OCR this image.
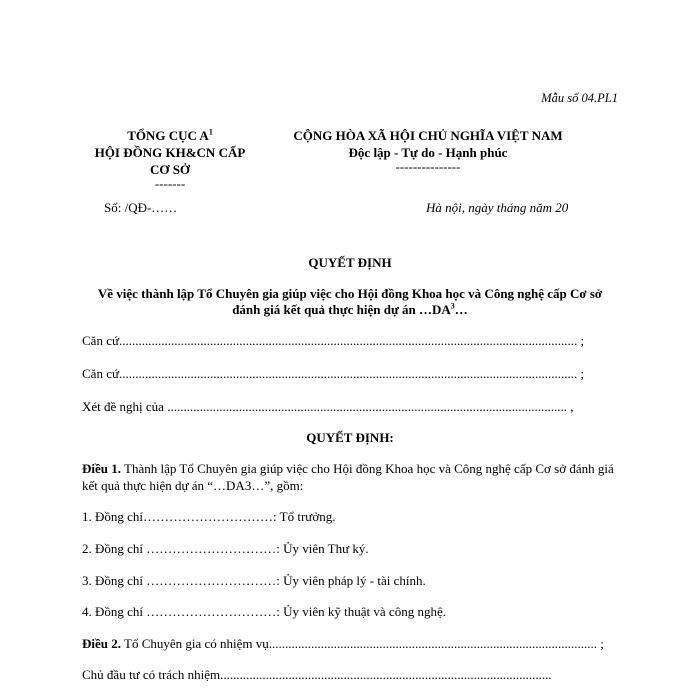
Mẫu số 04.PL1
TỔNG CỤC $A^1$
HỘI ĐỒNG KH&CN CẤP
CƠ SỞ
-------
CỘNG HÒA XÃ HỘI CHỦ NGHĨA VIỆT NAM
Độc lập - Tự do - Hạnh phúc
---------------
Số: /QĐ-……	Hà nội, ngày tháng năm 20
QUYẾT ĐỊNH
Về việc thành lập Tổ Chuyên gia giúp việc cho Hội đồng Khoa học và Công nghệ cấp Cơ sở
đánh giá kết quả thực hiện dự án $\dots DA^3\dots$
Căn cứ............................................................................................................................................. ;
Căn cứ............................................................................................................................................. ;
Xét đề nghị của ........................................................................................................................... ,
QUYẾT ĐỊNH:
Điều 1. Thành lập Tổ Chuyên gia giúp việc cho Hội đồng Khoa học và Công nghệ cấp Cơ sở đánh giá kết quả thực hiện dự án “…DA3…”, gồm:
1. Đồng chí…………………………: Tổ trưởng.
2. Đồng chí …………………………: Ủy viên Thư ký.
3. Đồng chí …………………………: Ủy viên pháp lý - tài chính.
4. Đồng chí …………………………: Ủy viên kỹ thuật và công nghệ.
Điều 2. Tổ Chuyên gia có nhiệm vụ..................................................................................................... ;
Chủ đầu tư có trách nhiệm......................................................................................................
